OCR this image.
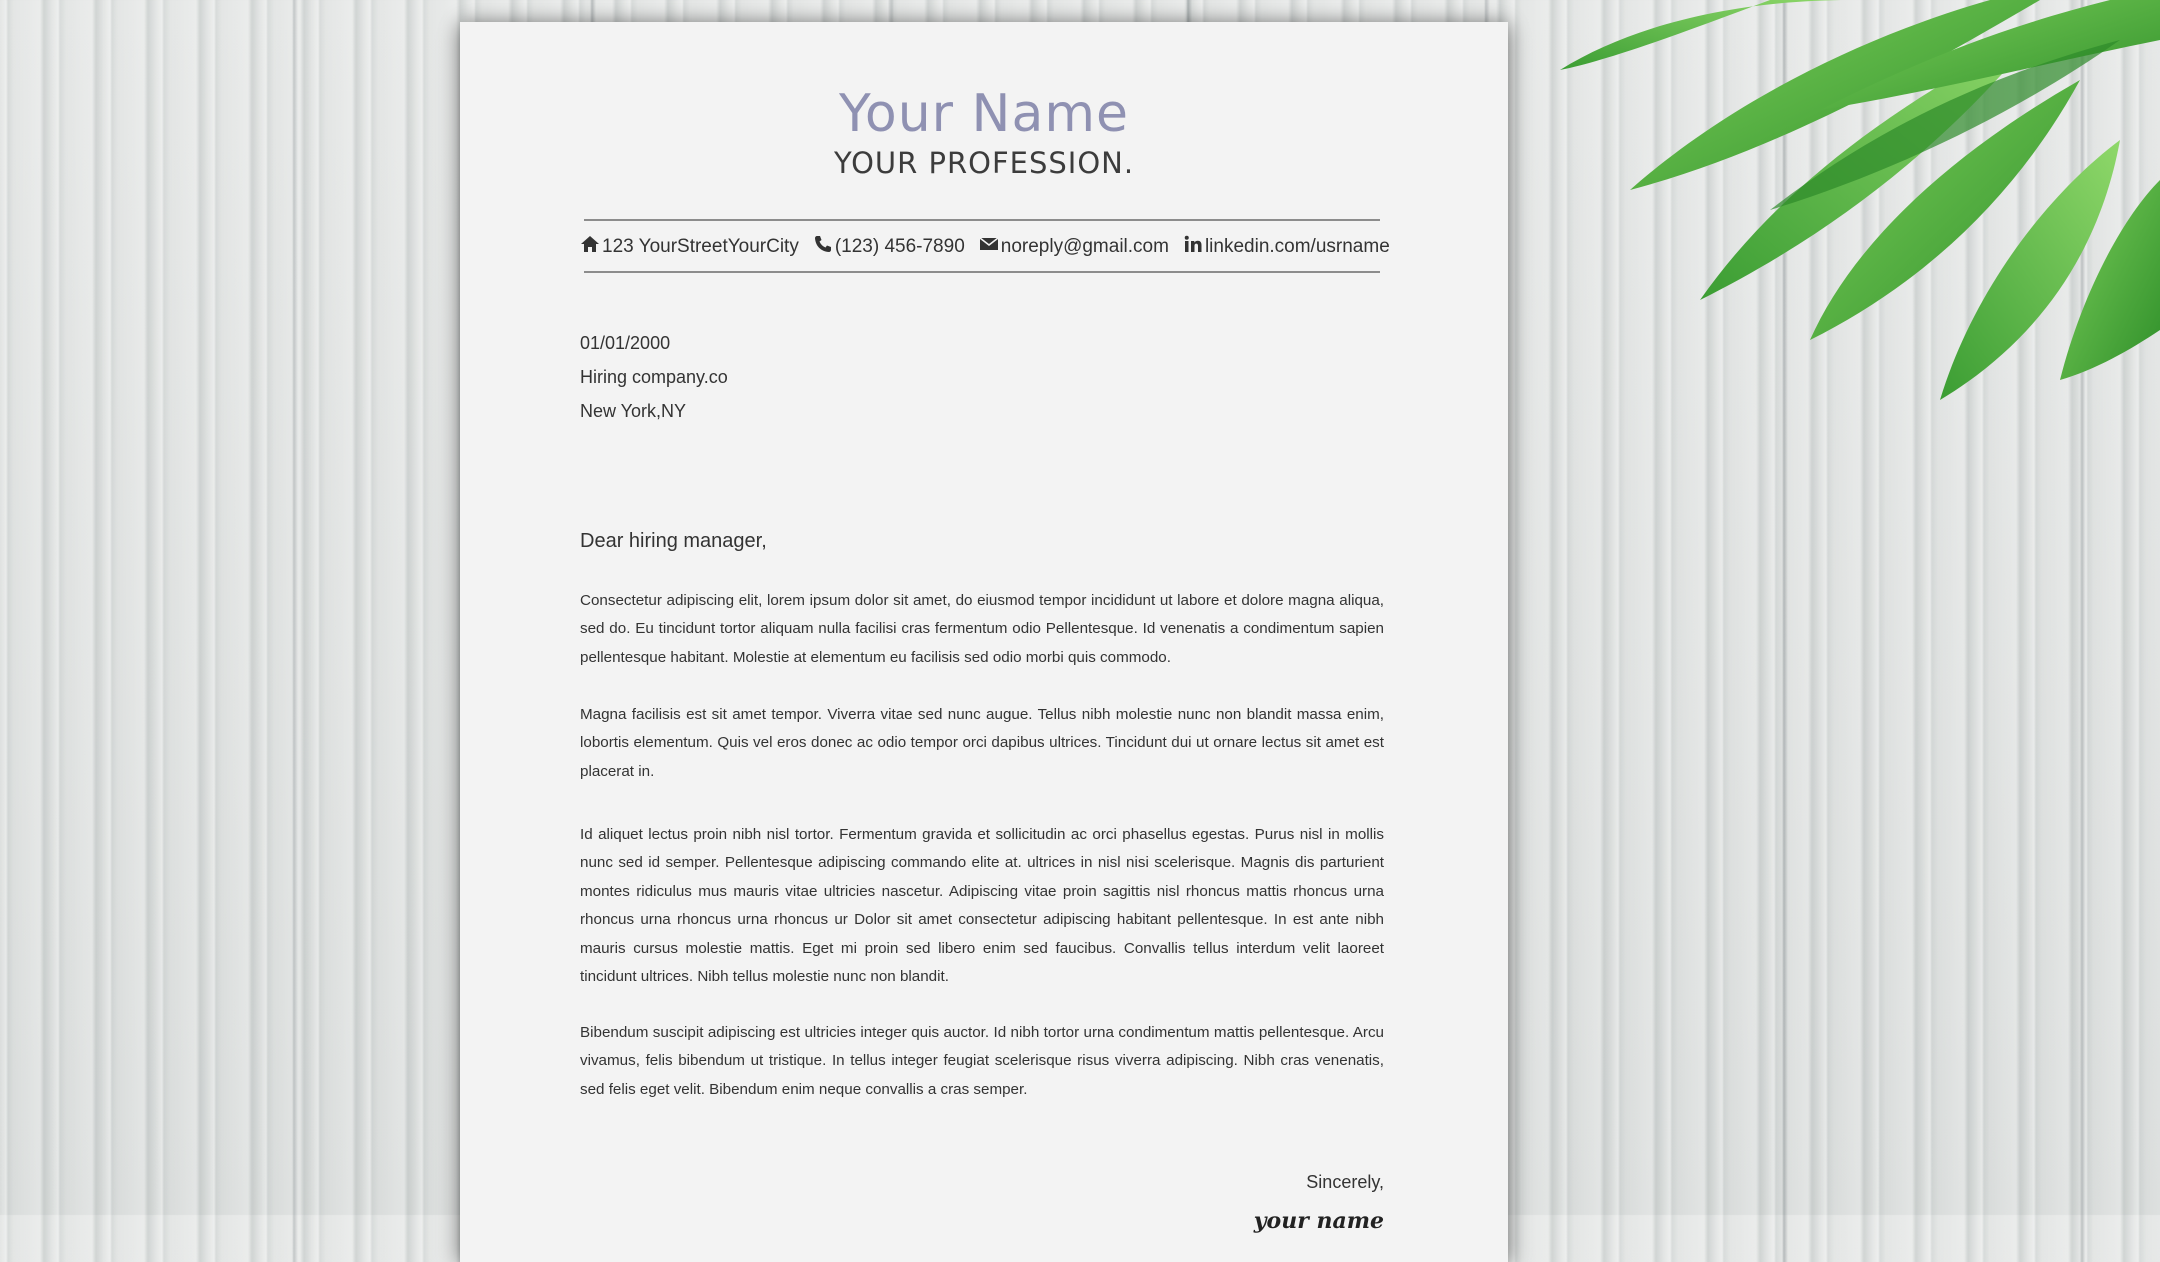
Your Name
YOUR PROFESSION.
123 YourStreetYourCity (123) 456-7890 noreply@gmail.com linkedin.com/usrname
01/01/2000
Hiring company.co
New York,NY
Dear hiring manager,

Consectetur adipiscing elit, lorem ipsum dolor sit amet, do eiusmod tempor incididunt ut labore et dolore magna aliqua, sed do. Eu tincidunt tortor aliquam nulla facilisi cras fermentum odio Pellentesque. Id venenatis a condimentum sapien pellentesque habitant. Molestie at elementum eu facilisis sed odio morbi quis commodo.

Magna facilisis est sit amet tempor. Viverra vitae sed nunc augue. Tellus nibh molestie nunc non blandit massa enim, lobortis elementum. Quis vel eros donec ac odio tempor orci dapibus ultrices. Tincidunt dui ut ornare lectus sit amet est placerat in.

Id aliquet lectus proin nibh nisl tortor. Fermentum gravida et sollicitudin ac orci phasellus egestas. Purus nisl in mollis nunc sed id semper. Pellentesque adipiscing commando elite at. ultrices in nisl nisi scelerisque. Magnis dis parturient montes ridiculus mus mauris vitae ultricies nascetur. Adipiscing vitae proin sagittis nisl rhoncus mattis rhoncus urna rhoncus urna rhoncus urna rhoncus ur Dolor sit amet consectetur adipiscing habitant pellentesque. In est ante nibh mauris cursus molestie mattis. Eget mi proin sed libero enim sed faucibus. Convallis tellus interdum velit laoreet tincidunt ultrices. Nibh tellus molestie nunc non blandit.

Bibendum suscipit adipiscing est ultricies integer quis auctor. Id nibh tortor urna condimentum mattis pellentesque. Arcu vivamus, felis bibendum ut tristique. In tellus integer feugiat scelerisque risus viverra adipiscing. Nibh cras venenatis, sed felis eget velit. Bibendum enim neque convallis a cras semper.

Sincerely,
your name
